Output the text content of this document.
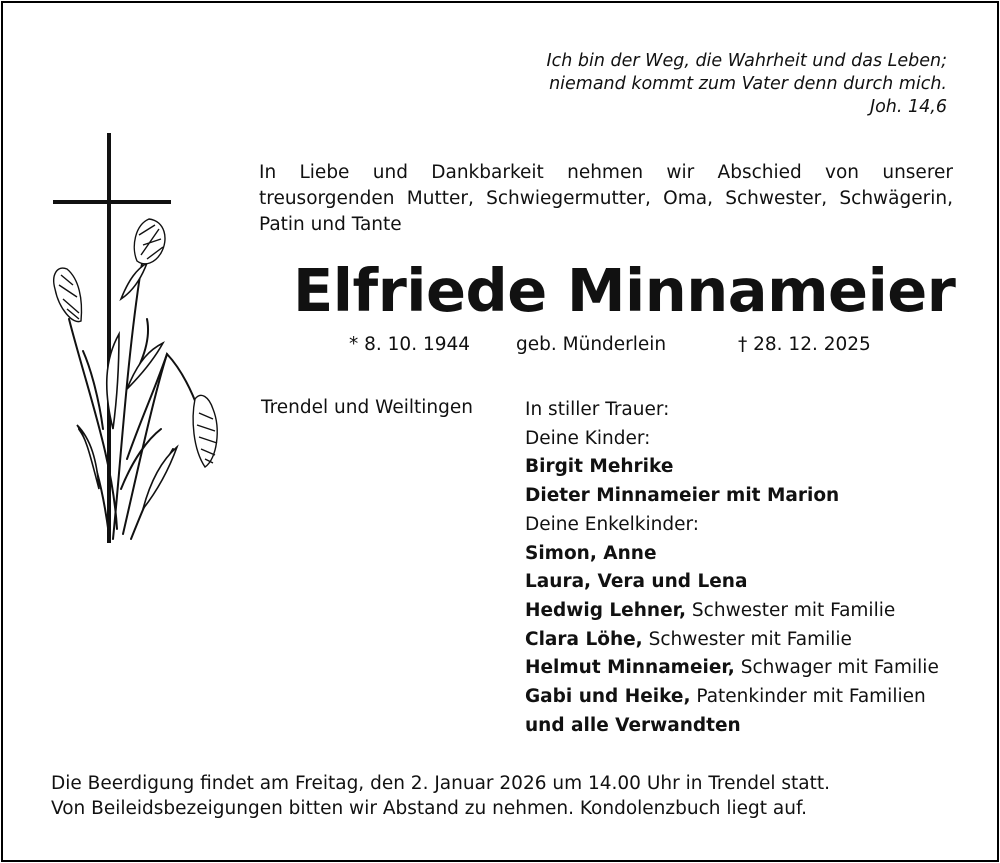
Ich bin der Weg, die Wahrheit und das Leben;
niemand kommt zum Vater denn durch mich.
Joh. 14,6
In Liebe und Dankbarkeit nehmen wir Abschied von unserer treusorgenden Mutter, Schwiegermutter, Oma, Schwester, Schwägerin, Patin und Tante
Elfriede Minnameier
* 8. 10. 1944 geb. Münderlein	† 28. 12. 2025
Trendel und Weiltingen	In stiller Trauer:
Deine Kinder:
Birgit Mehrike
Dieter Minnameier mit Marion
Deine Enkelkinder:
Simon, Anne
Laura, Vera und Lena
Hedwig Lehner, Schwester mit Familie
Clara Löhe, Schwester mit Familie
Helmut Minnameier, Schwager mit Familie
Gabi und Heike, Patenkinder mit Familien
und alle Verwandten
Die Beerdigung findet am Freitag, den 2. Januar 2026 um 14.00 Uhr in Trendel statt.
Von Beileidsbezeigungen bitten wir Abstand zu nehmen. Kondolenzbuch liegt auf.
